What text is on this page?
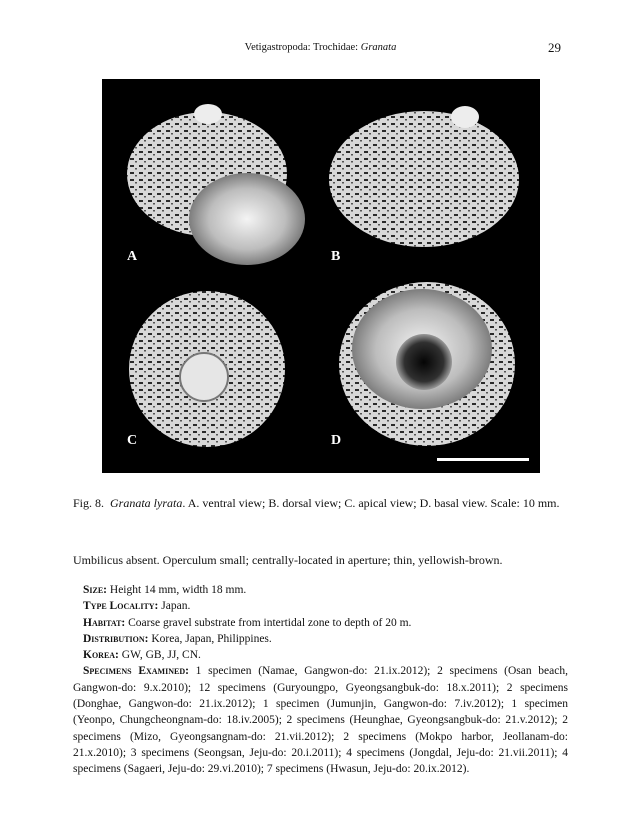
Vetigastropoda: Trochidae: Granata	29
A	B
C	D
Fig. 8. Granata lyrata. A. ventral view; B. dorsal view; C. apical view; D. basal view. Scale: 10 mm.
Umbilicus absent. Operculum small; centrally-located in aperture; thin, yellowish-brown.

Size: Height 14 mm, width 18 mm.

Type Locality: Japan.

Habitat: Coarse gravel substrate from intertidal zone to depth of 20 m.

Distribution: Korea, Japan, Philippines.

Korea: GW, GB, JJ, CN.

Specimens Examined: 1 specimen (Namae, Gangwon-do: 21.ix.2012); 2 specimens (Osan beach, Gangwon-do: 9.x.2010); 12 specimens (Guryoungpo, Gyeongsangbuk-do: 18.x.2011); 2 specimens (Donghae, Gangwon-do: 21.ix.2012); 1 specimen (Jumunjin, Gangwon-do: 7.iv.2012); 1 specimen (Yeonpo, Chungcheongnam-do: 18.iv.2005); 2 specimens (Heunghae, Gyeongsangbuk-do: 21.v.2012); 2 specimens (Mizo, Gyeongsangnam-do: 21.vii.2012); 2 specimens (Mokpo harbor, Jeollanam-do: 21.x.2010); 3 specimens (Seongsan, Jeju-do: 20.i.2011); 4 specimens (Jongdal, Jeju-do: 21.vii.2011); 4 specimens (Sagaeri, Jeju-do: 29.vi.2010); 7 specimens (Hwasun, Jeju-do: 20.ix.2012).
